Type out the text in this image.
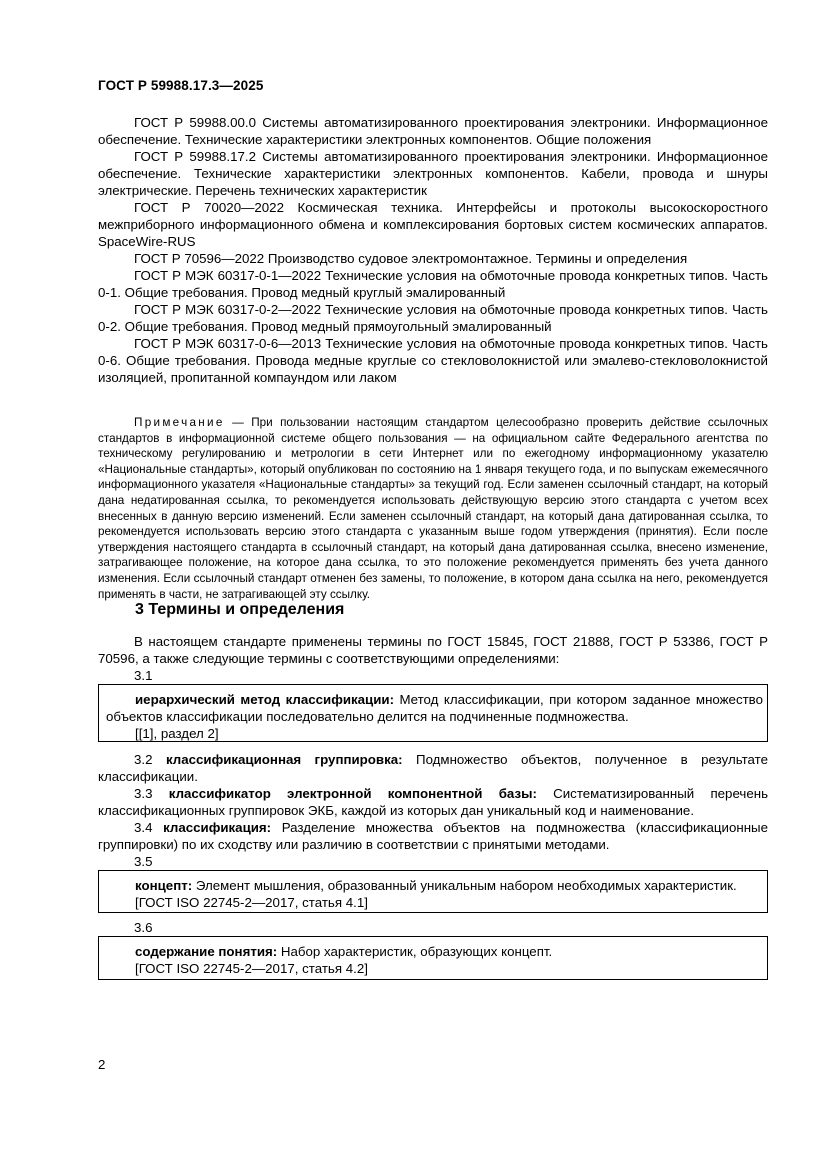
ГОСТ Р 59988.17.3—2025

ГОСТ Р 59988.00.0 Системы автоматизированного проектирования электроники. Информационное обеспечение. Технические характеристики электронных компонентов. Общие положения

ГОСТ Р 59988.17.2 Системы автоматизированного проектирования электроники. Информационное обеспечение. Технические характеристики электронных компонентов. Кабели, провода и шнуры электрические. Перечень технических характеристик

ГОСТ Р 70020—2022 Космическая техника. Интерфейсы и протоколы высокоскоростного межприборного информационного обмена и комплексирования бортовых систем космических аппаратов. SpaceWire-RUS

ГОСТ Р 70596—2022 Производство судовое электромонтажное. Термины и определения

ГОСТ Р МЭК 60317-0-1—2022 Технические условия на обмоточные провода конкретных типов. Часть 0-1. Общие требования. Провод медный круглый эмалированный

ГОСТ Р МЭК 60317-0-2—2022 Технические условия на обмоточные провода конкретных типов. Часть 0-2. Общие требования. Провод медный прямоугольный эмалированный

ГОСТ Р МЭК 60317-0-6—2013 Технические условия на обмоточные провода конкретных типов. Часть 0-6. Общие требования. Провода медные круглые со стекловолокнистой или эмалево-стекловолокнистой изоляцией, пропитанной компаундом или лаком

Примечание — При пользовании настоящим стандартом целесообразно проверить действие ссылочных стандартов в информационной системе общего пользования — на официальном сайте Федерального агентства по техническому регулированию и метрологии в сети Интернет или по ежегодному информационному указателю «Национальные стандарты», который опубликован по состоянию на 1 января текущего года, и по выпускам ежемесячного информационного указателя «Национальные стандарты» за текущий год. Если заменен ссылочный стандарт, на который дана недатированная ссылка, то рекомендуется использовать действующую версию этого стандарта с учетом всех внесенных в данную версию изменений. Если заменен ссылочный стандарт, на который дана датированная ссылка, то рекомендуется использовать версию этого стандарта с указанным выше годом утверждения (принятия). Если после утверждения настоящего стандарта в ссылочный стандарт, на который дана датированная ссылка, внесено изменение, затрагивающее положение, на которое дана ссылка, то это положение рекомендуется применять без учета данного изменения. Если ссылочный стандарт отменен без замены, то положение, в котором дана ссылка на него, рекомендуется применять в части, не затрагивающей эту ссылку.

3 Термины и определения

В настоящем стандарте применены термины по ГОСТ 15845, ГОСТ 21888, ГОСТ Р 53386, ГОСТ Р 70596, а также следующие термины с соответствующими определениями:

3.1

иерархический метод классификации: Метод классификации, при котором заданное множество объектов классификации последовательно делится на подчиненные подмножества.

[[1], раздел 2]

3.2 классификационная группировка: Подмножество объектов, полученное в результате классификации.

3.3 классификатор электронной компонентной базы: Систематизированный перечень классификационных группировок ЭКБ, каждой из которых дан уникальный код и наименование.

3.4 классификация: Разделение множества объектов на подмножества (классификационные группировки) по их сходству или различию в соответствии с принятыми методами.

3.5

концепт: Элемент мышления, образованный уникальным набором необходимых характеристик.

[ГОСТ ISO 22745-2—2017, статья 4.1]

3.6

содержание понятия: Набор характеристик, образующих концепт.

[ГОСТ ISO 22745-2—2017, статья 4.2]

2
